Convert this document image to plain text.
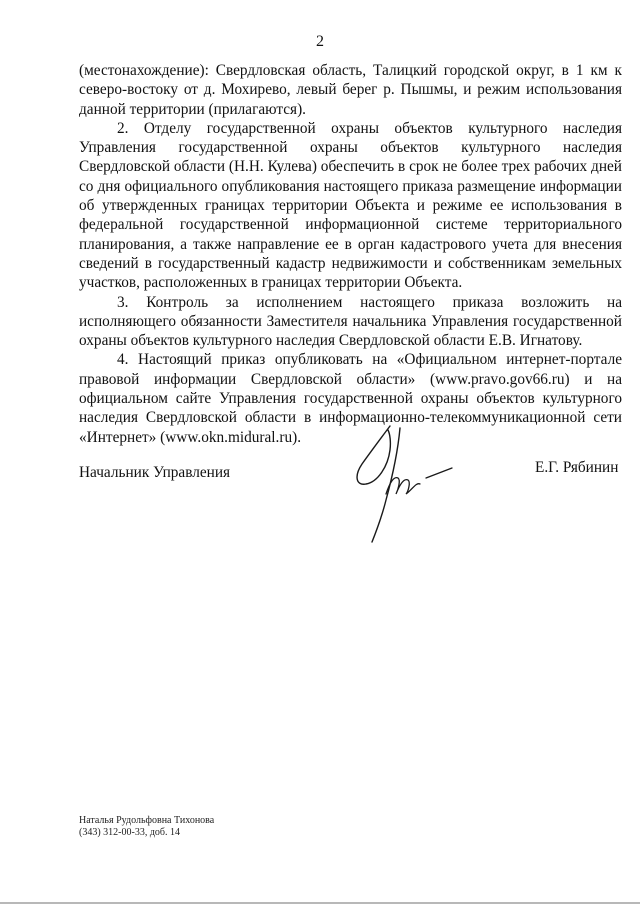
2

(местонахождение): Свердловская область, Талицкий городской округ, в 1 км к северо-востоку от д. Мохирево, левый берег р. Пышмы, и режим использования данной территории (прилагаются).

2. Отделу государственной охраны объектов культурного наследия Управления государственной охраны объектов культурного наследия Свердловской области (Н.Н. Кулева) обеспечить в срок не более трех рабочих дней со дня официального опубликования настоящего приказа размещение информации об утвержденных границах территории Объекта и режиме ее использования в федеральной государственной информационной системе территориального планирования, а также направление ее в орган кадастрового учета для внесения сведений в государственный кадастр недвижимости и собственникам земельных участков, расположенных в границах территории Объекта.

3. Контроль за исполнением настоящего приказа возложить на исполняющего обязанности Заместителя начальника Управления государственной охраны объектов культурного наследия Свердловской области Е.В. Игнатову.

4. Настоящий приказ опубликовать на «Официальном интернет-портале правовой информации Свердловской области» (www.pravo.gov66.ru) и на официальном сайте Управления государственной охраны объектов культурного наследия Свердловской области в информационно-телекоммуникационной сети «Интернет» (www.okn.midural.ru).

Начальник Управления	Е.Г. Рябинин
Наталья Рудольфовна Тихонова
(343) 312-00-33, доб. 14
